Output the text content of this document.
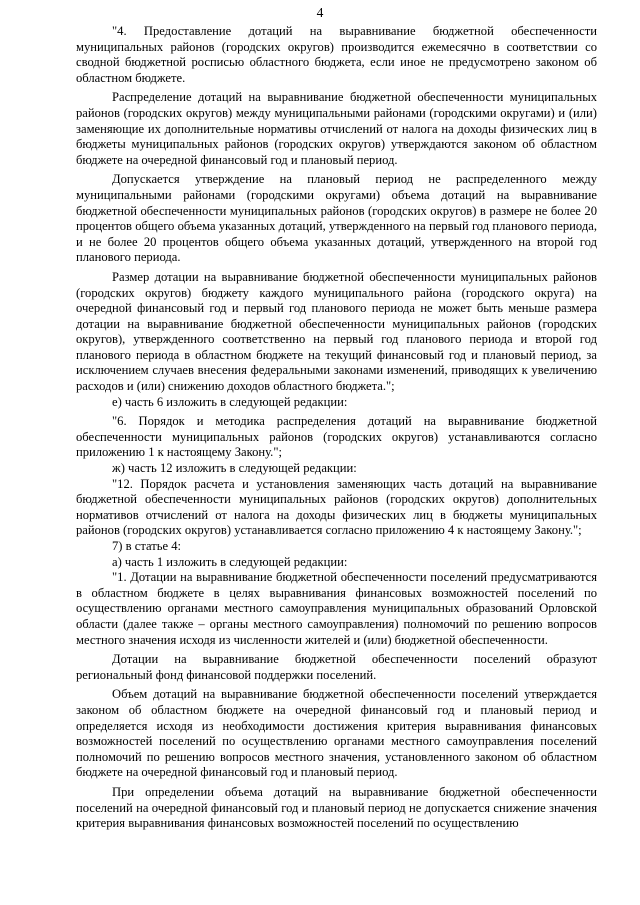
4

"4. Предоставление дотаций на выравнивание бюджетной обеспеченности муниципальных районов (городских округов) производится ежемесячно в соответствии со сводной бюджетной росписью областного бюджета, если иное не предусмотрено законом об областном бюджете.

Распределение дотаций на выравнивание бюджетной обеспеченности муниципальных районов (городских округов) между муниципальными районами (городскими округами) и (или) заменяющие их дополнительные нормативы отчислений от налога на доходы физических лиц в бюджеты муниципальных районов (городских округов) утверждаются законом об областном бюджете на очередной финансовый год и плановый период.

Допускается утверждение на плановый период не распределенного между муниципальными районами (городскими округами) объема дотаций на выравнивание бюджетной обеспеченности муниципальных районов (городских округов) в размере не более 20 процентов общего объема указанных дотаций, утвержденного на первый год планового периода, и не более 20 процентов общего объема указанных дотаций, утвержденного на второй год планового периода.

Размер дотации на выравнивание бюджетной обеспеченности муниципальных районов (городских округов) бюджету каждого муниципального района (городского округа) на очередной финансовый год и первый год планового периода не может быть меньше размера дотации на выравнивание бюджетной обеспеченности муниципальных районов (городских округов), утвержденного соответственно на первый год планового периода и второй год планового периода в областном бюджете на текущий финансовый год и плановый период, за исключением случаев внесения федеральными законами изменений, приводящих к увеличению расходов и (или) снижению доходов областного бюджета.";

е) часть 6 изложить в следующей редакции:

"6. Порядок и методика распределения дотаций на выравнивание бюджетной обеспеченности муниципальных районов (городских округов) устанавливаются согласно приложению 1 к настоящему Закону.";

ж) часть 12 изложить в следующей редакции:

"12. Порядок расчета и установления заменяющих часть дотаций на выравнивание бюджетной обеспеченности муниципальных районов (городских округов) дополнительных нормативов отчислений от налога на доходы физических лиц в бюджеты муниципальных районов (городских округов) устанавливается согласно приложению 4 к настоящему Закону.";

7) в статье 4:

а) часть 1 изложить в следующей редакции:

"1. Дотации на выравнивание бюджетной обеспеченности поселений предусматриваются в областном бюджете в целях выравнивания финансовых возможностей поселений по осуществлению органами местного самоуправления муниципальных образований Орловской области (далее также – органы местного самоуправления) полномочий по решению вопросов местного значения исходя из численности жителей и (или) бюджетной обеспеченности.

Дотации на выравнивание бюджетной обеспеченности поселений образуют региональный фонд финансовой поддержки поселений.

Объем дотаций на выравнивание бюджетной обеспеченности поселений утверждается законом об областном бюджете на очередной финансовый год и плановый период и определяется исходя из необходимости достижения критерия выравнивания финансовых возможностей поселений по осуществлению органами местного самоуправления поселений полномочий по решению вопросов местного значения, установленного законом об областном бюджете на очередной финансовый год и плановый период.

При определении объема дотаций на выравнивание бюджетной обеспеченности поселений на очередной финансовый год и плановый период не допускается снижение значения критерия выравнивания финансовых возможностей поселений по осуществлению
